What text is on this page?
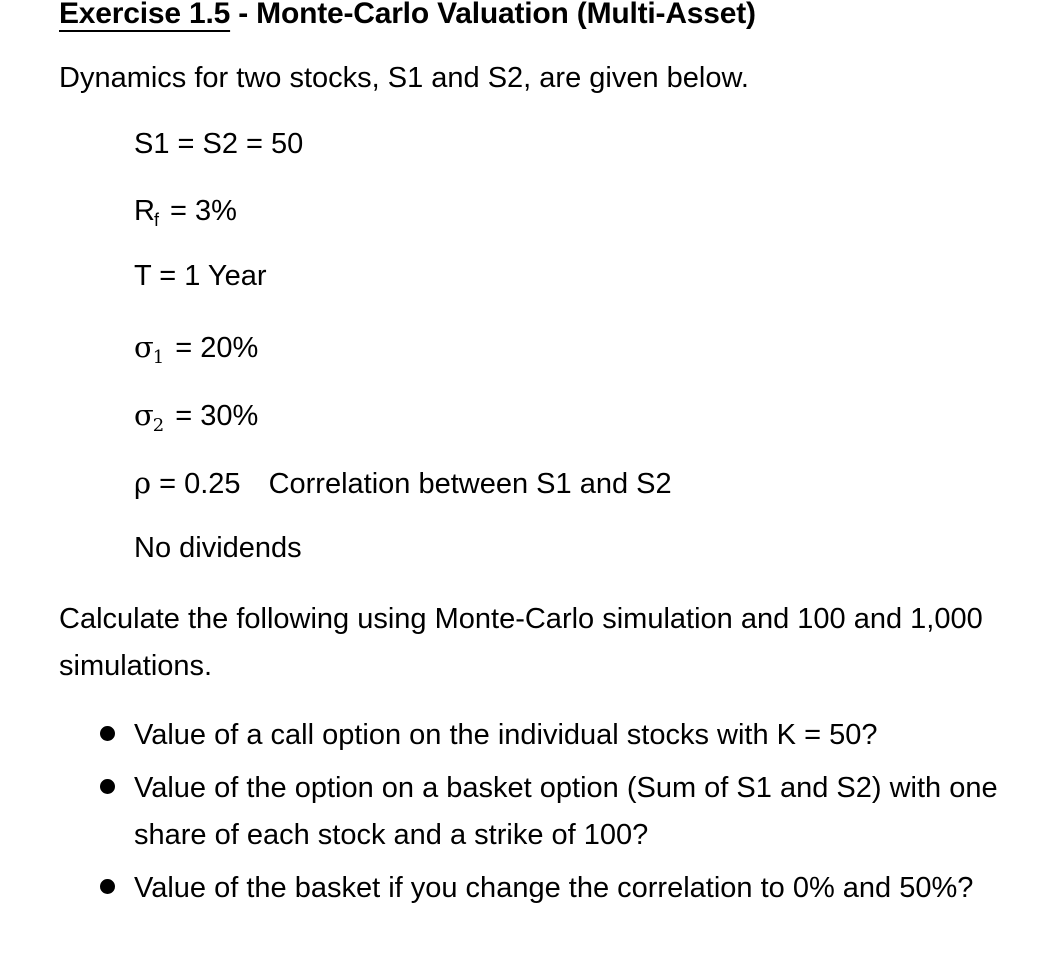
Exercise 1.5 - Monte-Carlo Valuation (Multi-Asset)
Dynamics for two stocks, S1 and S2, are given below.
S1 = S2 = 50
$R_f = 3\%$
T = 1 Year
$\sigma_1 = 20\%$
$\sigma_2 = 30\%$
ρ = 0.25 Correlation between S1 and S2
No dividends
Calculate the following using Monte-Carlo simulation and 100 and 1,000 simulations.
Value of a call option on the individual stocks with K = 50?
Value of the option on a basket option (Sum of S1 and S2) with one share of each stock and a strike of 100?
Value of the basket if you change the correlation to 0% and 50%?
